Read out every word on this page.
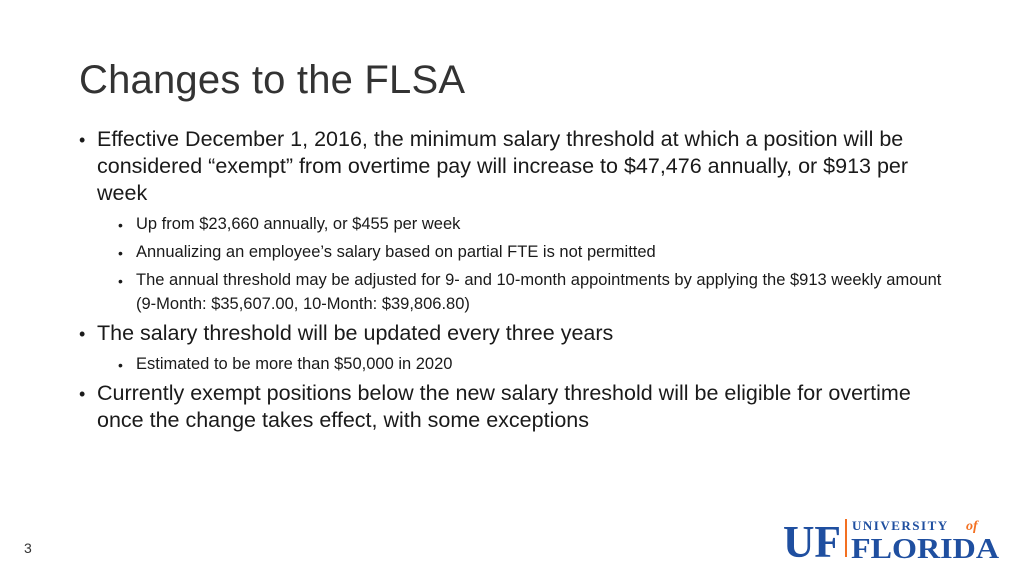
Changes to the FLSA
• Effective December 1, 2016, the minimum salary threshold at which a position will be considered “exempt” from overtime pay will increase to $47,476 annually, or $913 per week
• Up from $23,660 annually, or $455 per week
• Annualizing an employee’s salary based on partial FTE is not permitted
• The annual threshold may be adjusted for 9- and 10-month appointments by applying the $913 weekly amount (9-Month: $35,607.00, 10-Month: $39,806.80)
• The salary threshold will be updated every three years
• Estimated to be more than $50,000 in 2020
• Currently exempt positions below the new salary threshold will be eligible for overtime once the change takes effect, with some exceptions
3	UF UNIVERSITY of
FLORIDA
